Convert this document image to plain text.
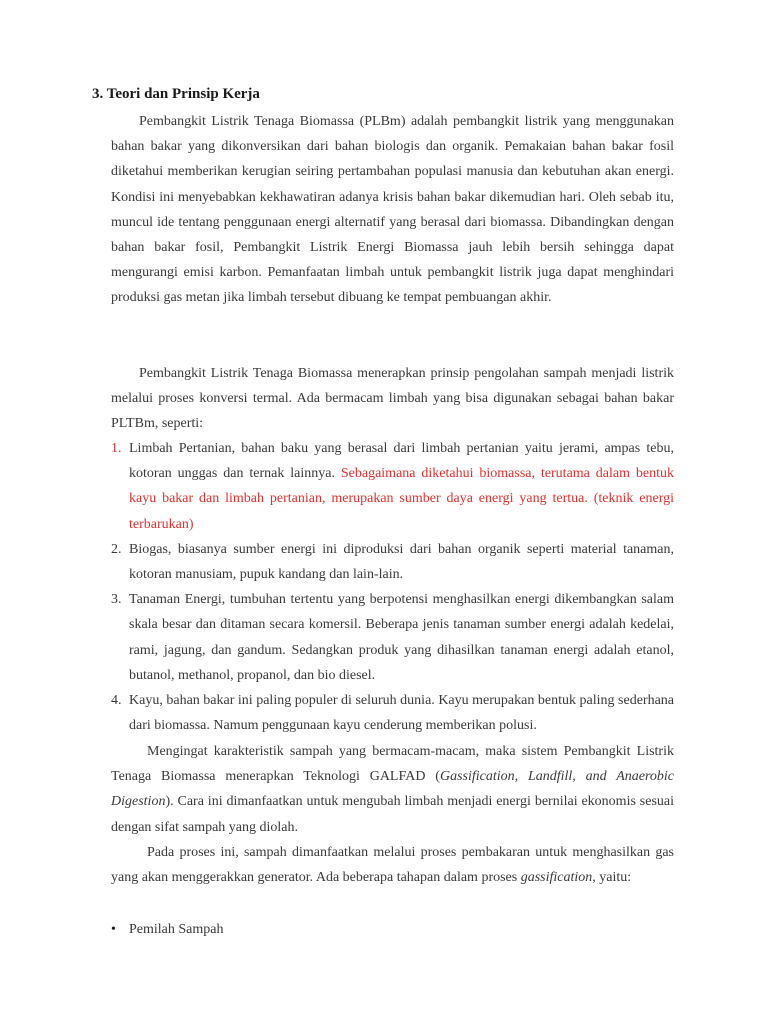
3. Teori dan Prinsip Kerja

Pembangkit Listrik Tenaga Biomassa (PLBm) adalah pembangkit listrik yang menggunakan bahan bakar yang dikonversikan dari bahan biologis dan organik. Pemakaian bahan bakar fosil diketahui memberikan kerugian seiring pertambahan populasi manusia dan kebutuhan akan energi. Kondisi ini menyebabkan kekhawatiran adanya krisis bahan bakar dikemudian hari. Oleh sebab itu, muncul ide tentang penggunaan energi alternatif yang berasal dari biomassa. Dibandingkan dengan bahan bakar fosil, Pembangkit Listrik Energi Biomassa jauh lebih bersih sehingga dapat mengurangi emisi karbon. Pemanfaatan limbah untuk pembangkit listrik juga dapat menghindari produksi gas metan jika limbah tersebut dibuang ke tempat pembuangan akhir.

Pembangkit Listrik Tenaga Biomassa menerapkan prinsip pengolahan sampah menjadi listrik melalui proses konversi termal. Ada bermacam limbah yang bisa digunakan sebagai bahan bakar PLTBm, seperti:

1. Limbah Pertanian, bahan baku yang berasal dari limbah pertanian yaitu jerami, ampas tebu, kotoran unggas dan ternak lainnya. Sebagaimana diketahui biomassa, terutama dalam bentuk kayu bakar dan limbah pertanian, merupakan sumber daya energi yang tertua. (teknik energi terbarukan)
2. Biogas, biasanya sumber energi ini diproduksi dari bahan organik seperti material tanaman, kotoran manusiam, pupuk kandang dan lain-lain.
3. Tanaman Energi, tumbuhan tertentu yang berpotensi menghasilkan energi dikembangkan salam skala besar dan ditaman secara komersil. Beberapa jenis tanaman sumber energi adalah kedelai, rami, jagung, dan gandum. Sedangkan produk yang dihasilkan tanaman energi adalah etanol, butanol, methanol, propanol, dan bio diesel.
4. Kayu, bahan bakar ini paling populer di seluruh dunia. Kayu merupakan bentuk paling sederhana dari biomassa. Namum penggunaan kayu cenderung memberikan polusi.

Mengingat karakteristik sampah yang bermacam-macam, maka sistem Pembangkit Listrik Tenaga Biomassa menerapkan Teknologi GALFAD (Gassification, Landfill, and Anaerobic Digestion). Cara ini dimanfaatkan untuk mengubah limbah menjadi energi bernilai ekonomis sesuai dengan sifat sampah yang diolah.

Pada proses ini, sampah dimanfaatkan melalui proses pembakaran untuk menghasilkan gas yang akan menggerakkan generator. Ada beberapa tahapan dalam proses gassification, yaitu:

• Pemilah Sampah
